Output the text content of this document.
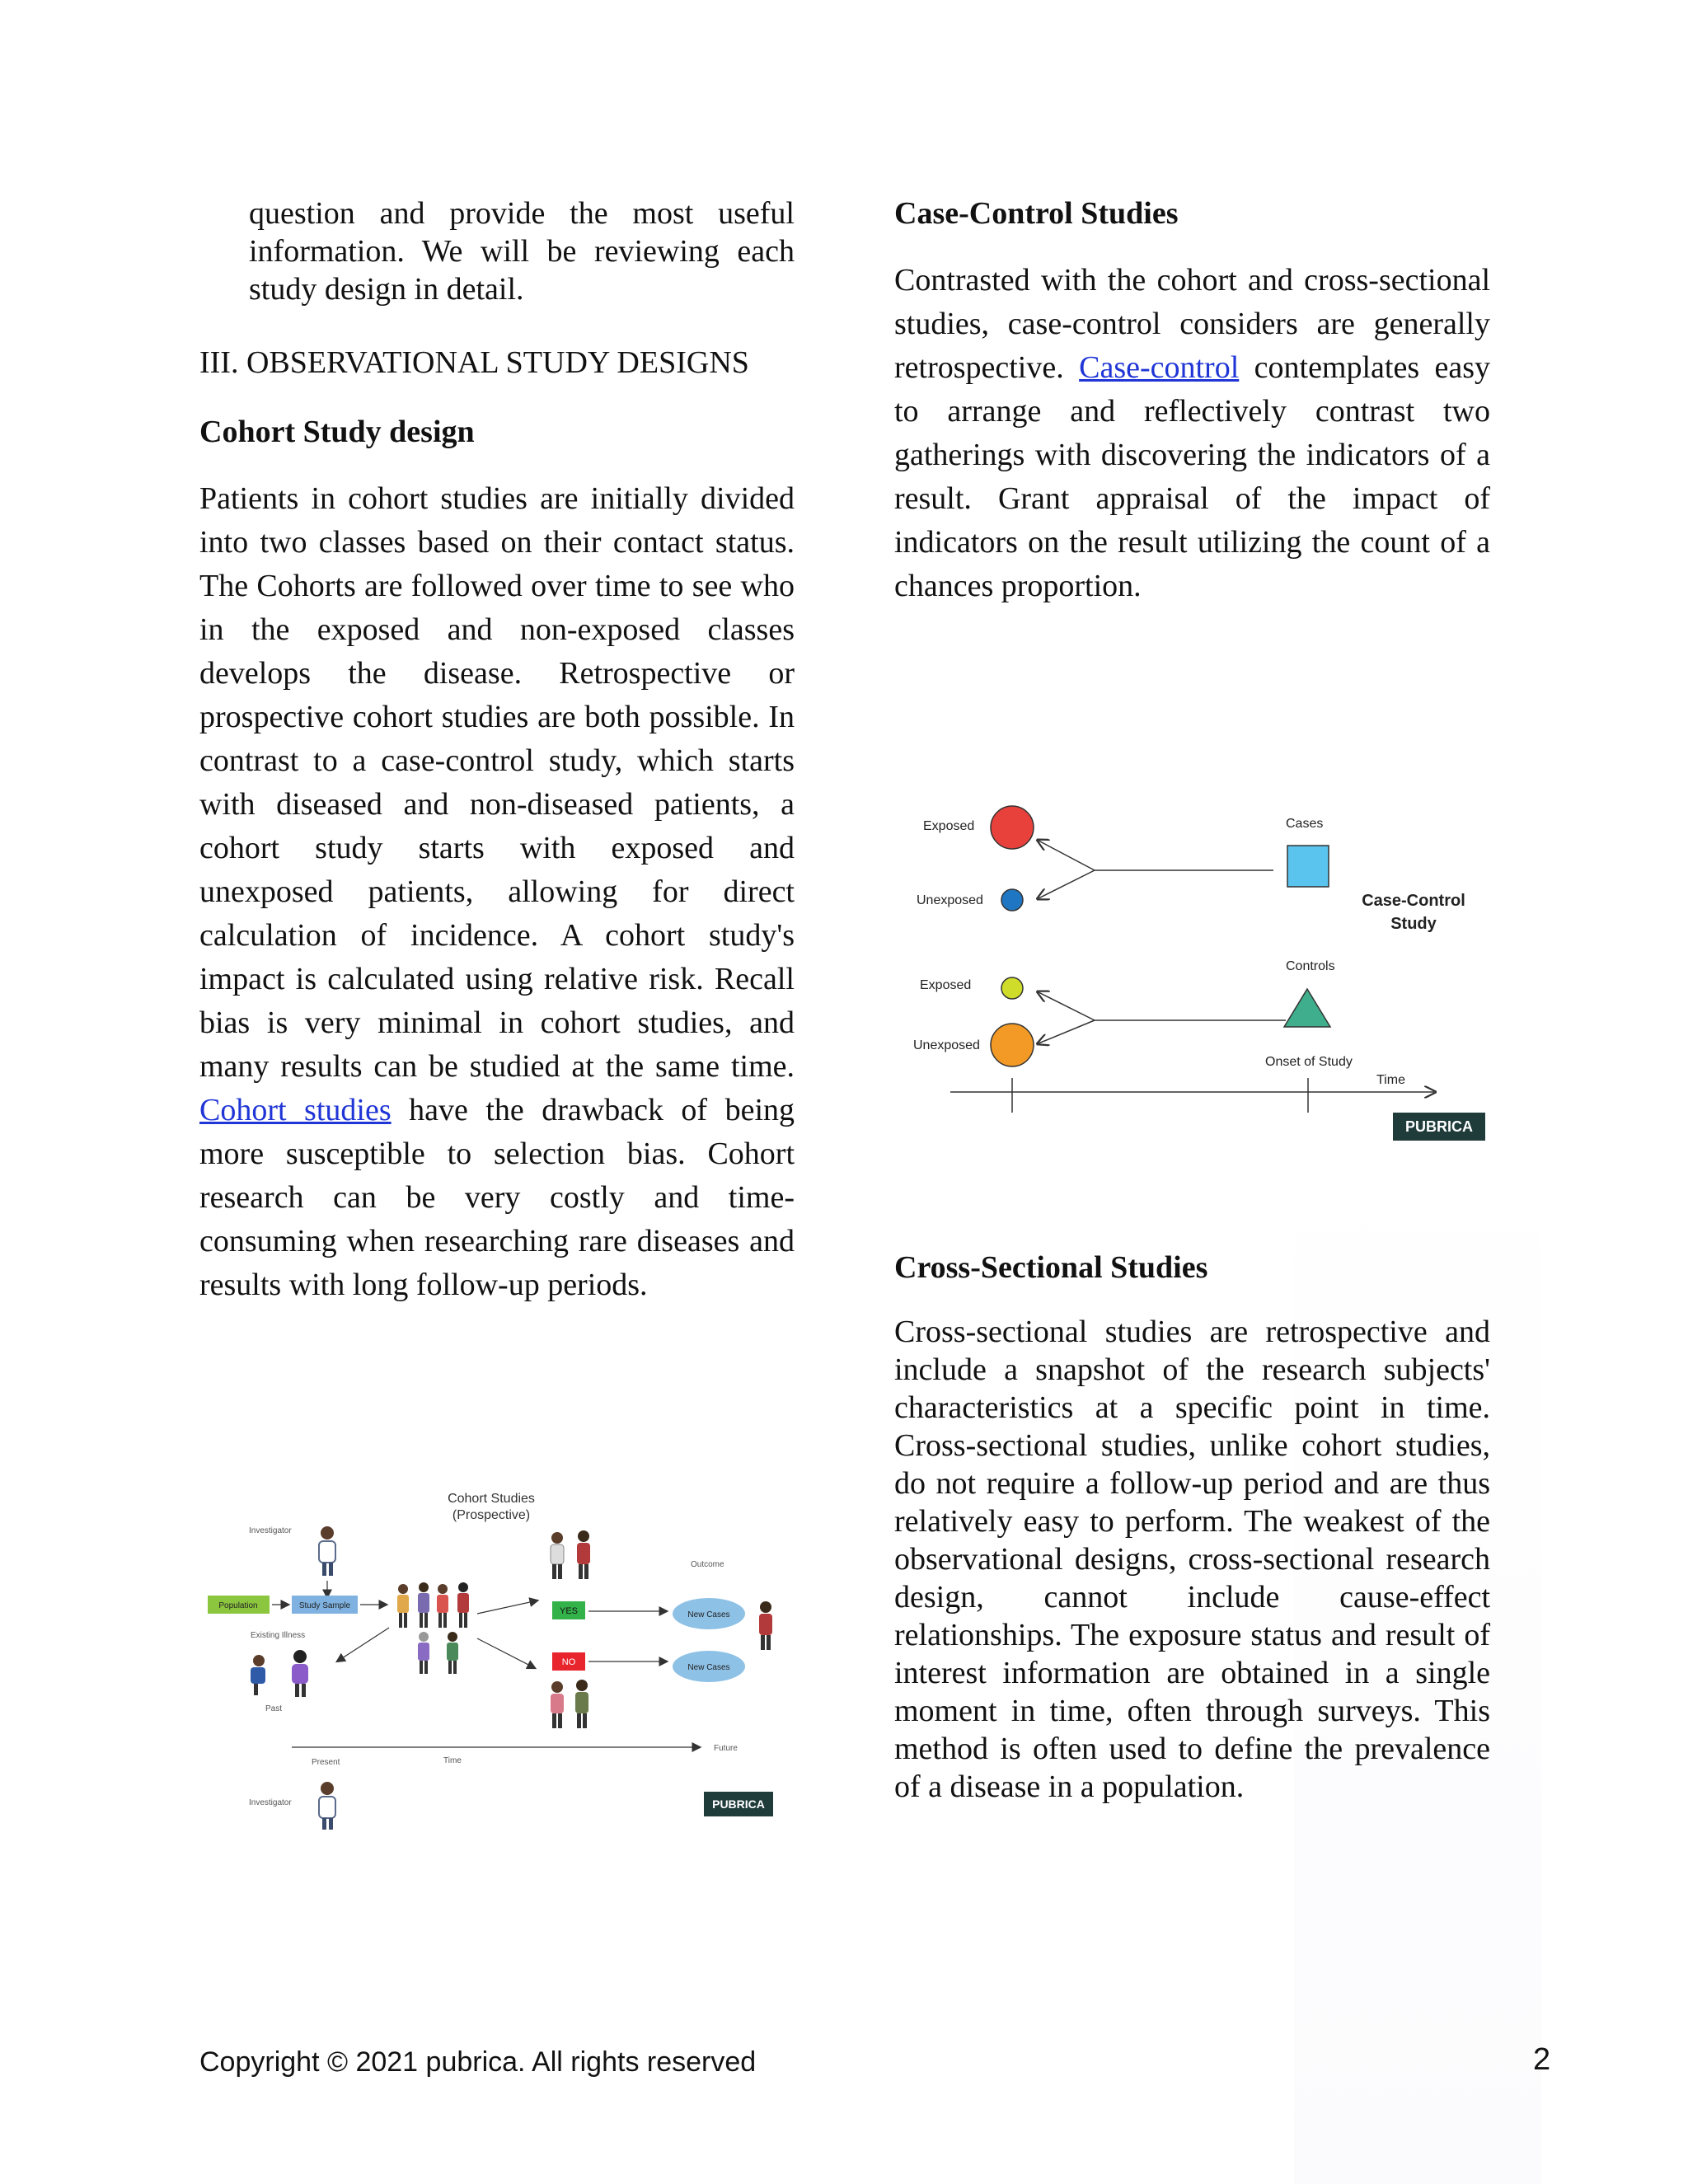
question and provide the most useful information. We will be reviewing each study design in detail.

III. OBSERVATIONAL STUDY DESIGNS
Cohort Study design

Patients in cohort studies are initially divided into two classes based on their contact status. The Cohorts are followed over time to see who in the exposed and non-exposed classes develops the disease. Retrospective or prospective cohort studies are both possible. In contrast to a case-control study, which starts with diseased and non-diseased patients, a cohort study starts with exposed and unexposed patients, allowing for direct calculation of incidence. A cohort study's impact is calculated using relative risk. Recall bias is very minimal in cohort studies, and many results can be studied at the same time. Cohort studies have the drawback of being more susceptible to selection bias. Cohort research can be very costly and time-consuming when researching rare diseases and results with long follow-up periods.

Case-Control Studies

Contrasted with the cohort and cross-sectional studies, case-control considers are generally retrospective. Case-control contemplates easy to arrange and reflectively contrast two gatherings with discovering the indicators of a result. Grant appraisal of the impact of indicators on the result utilizing the count of a chances proportion.

Cross-Sectional Studies

Cross-sectional studies are retrospective and include a snapshot of the research subjects' characteristics at a specific point in time. Cross-sectional studies, unlike cohort studies, do not require a follow-up period and are thus relatively easy to perform. The weakest of the observational designs, cross-sectional research design, cannot include cause-effect relationships. The exposure status and result of interest information are obtained in a single moment in time, often through surveys. This method is often used to define the prevalence of a disease in a population.

Exposed
Unexposed
Cases
Case-Control
Study
Controls
Exposed
Unexposed
Onset of Study
Time
PUBRICA
Cohort Studies
(Prospective)
Investigator
Population	Study Sample
Existing Illness
Past
YES
NO
Outcome
New Cases
New Cases
Future
Present	Time
Investigator	PUBRICA
Copyright © 2021 pubrica. All rights reserved	2
